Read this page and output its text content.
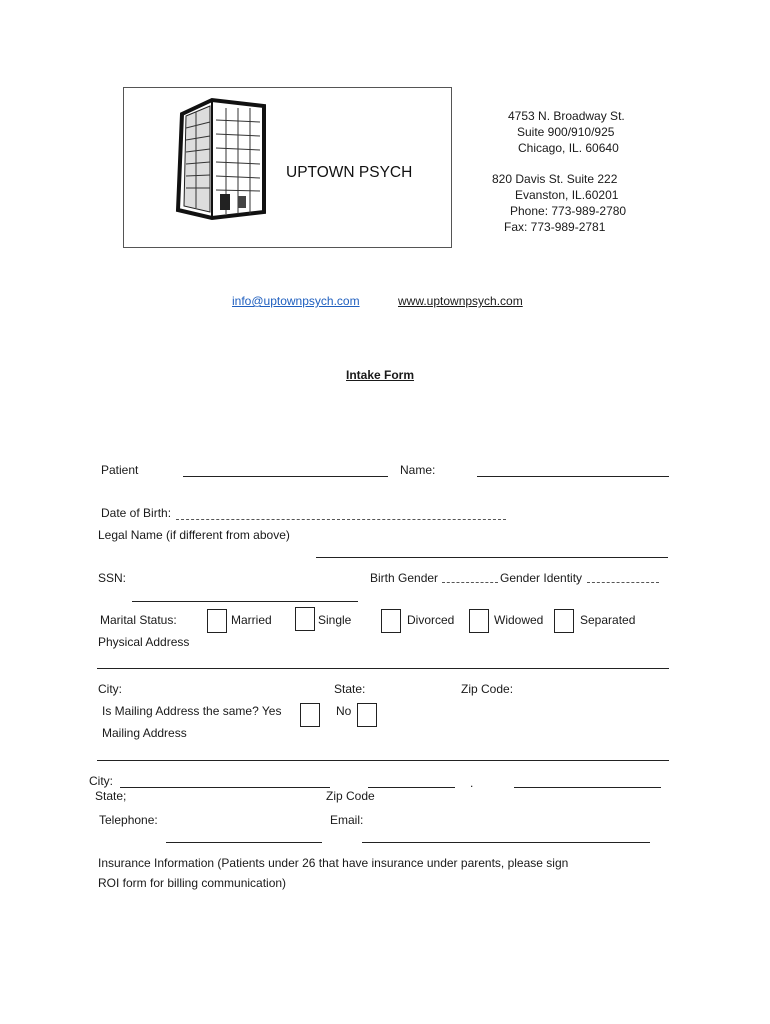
UPTOWN PSYCH
4753 N. Broadway St.
Suite 900/910/925
Chicago, IL. 60640
820 Davis St. Suite 222
Evanston, IL.60201
Phone: 773-989-2780
Fax: 773-989-2781
info@uptownpsych.com	www.uptownpsych.com
Intake Form
Patient	Name:
Date of Birth:
Legal Name (if different from above)
SSN:	Birth Gender	Gender Identity
Marital Status:	Married	Single	Divorced	Widowed	Separated
Physical Address
City:	State:	Zip Code:
Is Mailing Address the same? Yes	No
Mailing Address
City:	.
State;	Zip Code
Telephone:	Email:
Insurance Information (Patients under 26 that have insurance under parents, please sign
ROI form for billing communication)
